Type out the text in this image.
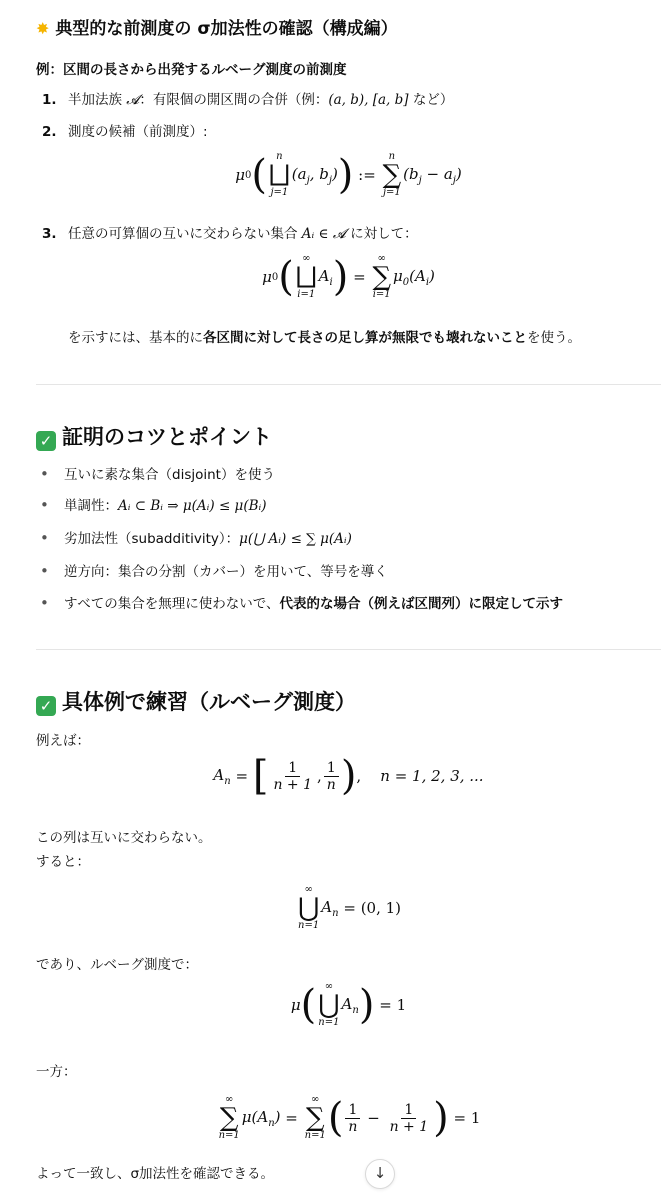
✸ 典型的な前測度の σ加法性の確認（構成編）
例：区間の長さから出発するルベーグ測度の前測度
1. 半加法族 𝓐：有限個の開区間の合併（例：(a, b), [a, b] など）
2. 測度の候補（前測度）:
μ 0 ( n
⨆
j=1
($a_j$, $b_j$) ) :=
n
∑
j=1
$(b_j - a_j)$
3. 任意の可算個の互いに交わらない集合 Aᵢ ∈ 𝓐 に対して：
μ 0 ( ∞
⨆
i=1
$A_i$ ) =
∞
∑
i=1
$\mu_0(A_i)$
を示すには、基本的に各区間に対して長さの足し算が無限でも壊れないことを使う。
✓ 証明のコツとポイント
• 互いに素な集合（disjoint）を使う
• 単調性：Aᵢ ⊂ Bᵢ ⇒ μ(Aᵢ) ≤ μ(Bᵢ)
• 劣加法性（subadditivity）：μ(⋃ Aᵢ) ≤ ∑ μ(Aᵢ)
• 逆方向：集合の分割（カバー）を用いて、等号を導く
• すべての集合を無理に使わないで、代表的な場合（例えば区間列）に限定して示す
✓ 具体例で練習（ルベーグ測度）
例えば：
$A_n$ = [ $\frac{1}{n + 1}$ , $\frac{1}{n}$ ) , n = 1, 2, 3, ...
この列は互いに交わらない。
すると：
∞
⋃
n=1
$A_n$
= (0, 1)
であり、ルベーグ測度で：
μ ( ∞
⋃
n=1
$A_n$ )
= 1
一方：
∞
∑
n=1
$\mu(A_n)$ =
∞
∑
n=1 ( $\frac{1}{n} - \frac{1}{n + 1}$ )
= 1
よって一致し、σ加法性を確認できる。	↓
